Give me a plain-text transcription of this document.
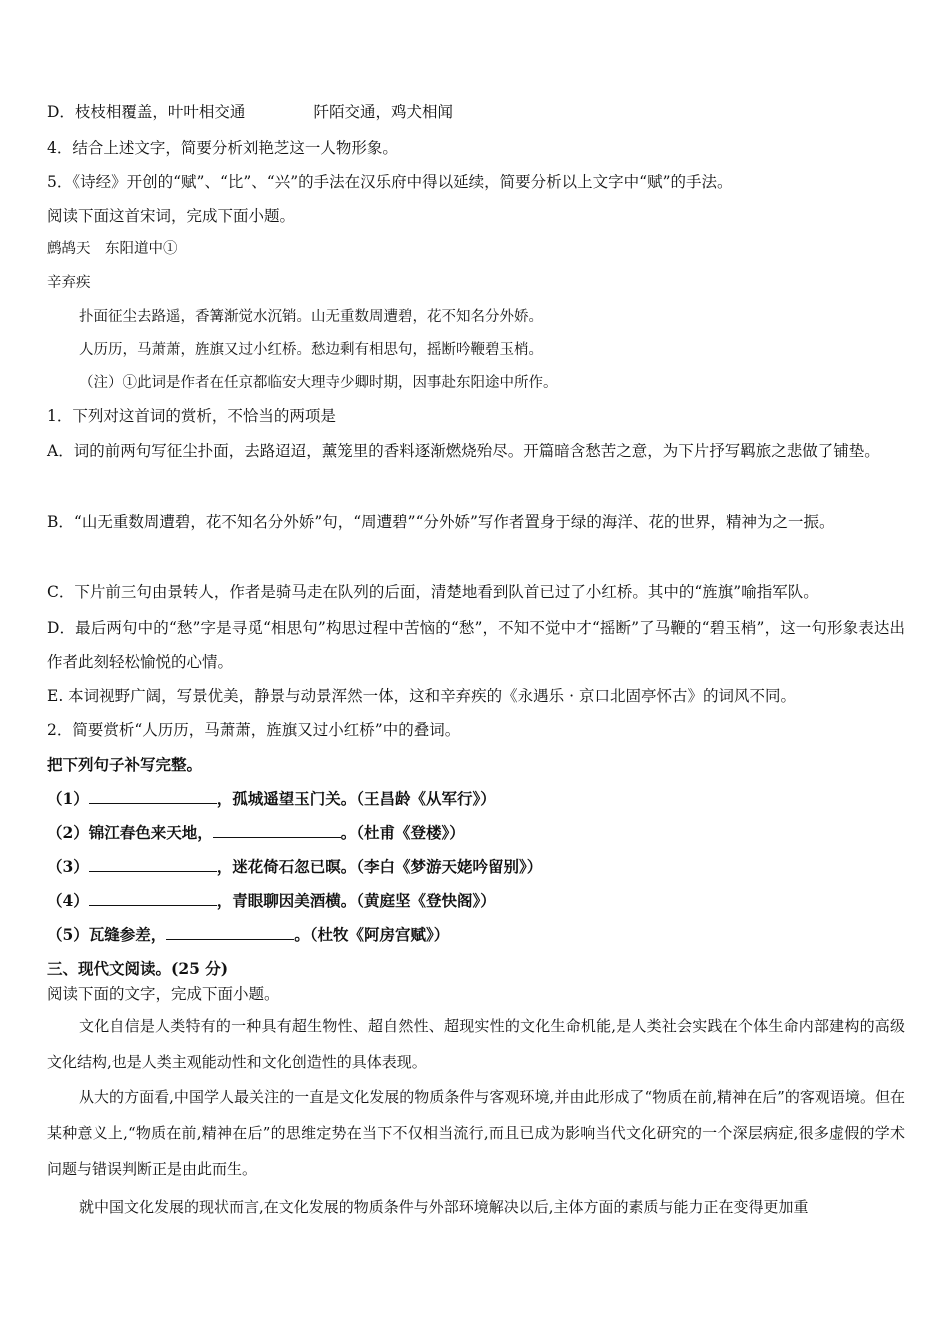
D．枝枝相覆盖，叶叶相交通	阡陌交通，鸡犬相闻
4．结合上述文字，简要分析刘艳芝这一人物形象。
5．《诗经》开创的“赋”、“比”、“兴”的手法在汉乐府中得以延续，简要分析以上文字中“赋”的手法。
阅读下面这首宋词，完成下面小题。
鹧鸪天　东阳道中①
辛弃疾
扑面征尘去路遥，香篝渐觉水沉销。山无重数周遭碧，花不知名分外娇。
人历历，马萧萧，旌旗又过小红桥。愁边剩有相思句，摇断吟鞭碧玉梢。
（注）①此词是作者在任京都临安大理寺少卿时期，因事赴东阳途中所作。
1．下列对这首词的赏析，不恰当的两项是
A．词的前两句写征尘扑面，去路迢迢，薰笼里的香料逐渐燃烧殆尽。开篇暗含愁苦之意，为下片抒写羁旅之悲做了铺垫。
B．“山无重数周遭碧，花不知名分外娇”句，“周遭碧”“分外娇”写作者置身于绿的海洋、花的世界，精神为之一振。
C．下片前三句由景转人，作者是骑马走在队列的后面，清楚地看到队首已过了小红桥。其中的“旌旗”喻指军队。
D．最后两句中的“愁”字是寻觅“相思句”构思过程中苦恼的“愁”，不知不觉中才“摇断”了马鞭的“碧玉梢”，这一句形象表达出作者此刻轻松愉悦的心情。
E. 本词视野广阔，写景优美，静景与动景浑然一体，这和辛弃疾的《永遇乐 · 京口北固亭怀古》的词风不同。
2．简要赏析“人历历，马萧萧，旌旗又过小红桥”中的叠词。
把下列句子补写完整。
（1）	，孤城遥望玉门关。（王昌龄《从军行》）
（2）锦江春色来天地，	。（杜甫《登楼》）
（3）	，迷花倚石忽已暝。（李白《梦游天姥吟留别》）
（4）	，青眼聊因美酒横。（黄庭坚《登快阁》）
（5）瓦缝参差，	。（杜牧《阿房宫赋》）
三、现代文阅读。(25 分)
阅读下面的文字，完成下面小题。
文化自信是人类特有的一种具有超生物性、超自然性、超现实性的文化生命机能,是人类社会实践在个体生命内部建构的高级文化结构,也是人类主观能动性和文化创造性的具体表现。
从大的方面看,中国学人最关注的一直是文化发展的物质条件与客观环境,并由此形成了“物质在前,精神在后”的客观语境。但在某种意义上,“物质在前,精神在后”的思维定势在当下不仅相当流行,而且已成为影响当代文化研究的一个深层病症,很多虚假的学术问题与错误判断正是由此而生。
就中国文化发展的现状而言,在文化发展的物质条件与外部环境解决以后,主体方面的素质与能力正在变得更加重
